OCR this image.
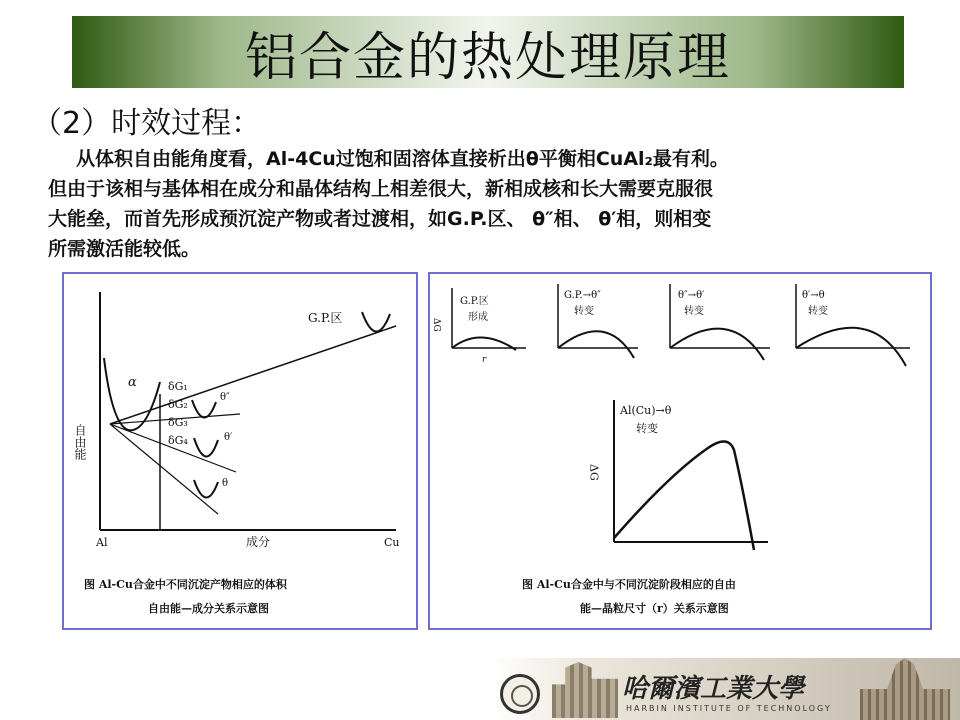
铝合金的热处理原理
（2）时效过程：

从体积自由能角度看，Al-4Cu过饱和固溶体直接析出θ平衡相CuAl₂最有利。

但由于该相与基体相在成分和晶体结构上相差很大，新相成核和长大需要克服很

大能垒，而首先形成预沉淀产物或者过渡相，如G.P.区、 θ″相、 θ′相，则相变

所需激活能较低。

G.P.区
α	δG₁
δG₂
δG₃
δG₄
θ″
θ′
θ
自由能
Al	成分	Cu
图 Al-Cu合金中不同沉淀产物相应的体积
自由能—成分关系示意图
ΔG
G.P.区
形成
r
G.P.→θ″
转变
θ″→θ′
转变
θ′→θ
转变
ΔG
Al(Cu)→θ
转变
图 Al-Cu合金中与不同沉淀阶段相应的自由
能—晶粒尺寸（r）关系示意图
哈爾濱工業大學
HARBIN INSTITUTE OF TECHNOLOGY
